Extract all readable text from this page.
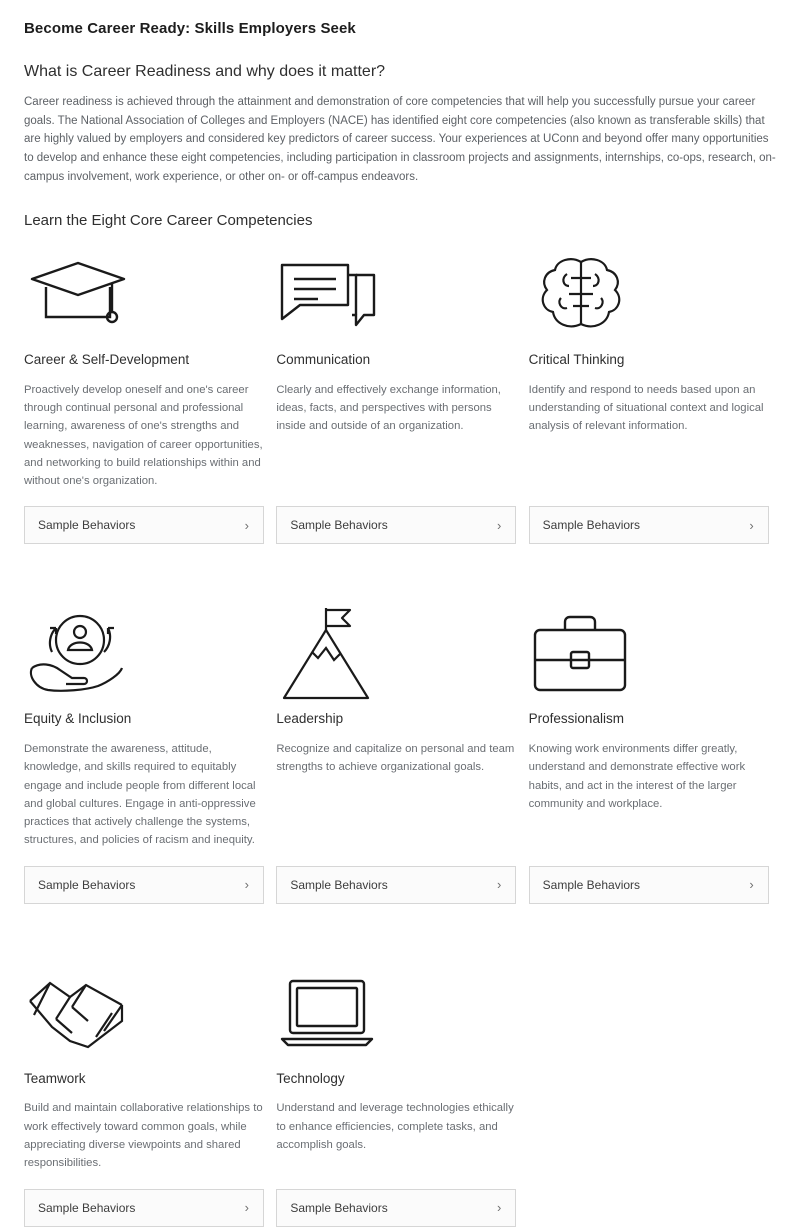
Become Career Ready: Skills Employers Seek
What is Career Readiness and why does it matter?

Career readiness is achieved through the attainment and demonstration of core competencies that will help you successfully pursue your career goals. The National Association of Colleges and Employers (NACE) has identified eight core competencies (also known as transferable skills) that are highly valued by employers and considered key predictors of career success. Your experiences at UConn and beyond offer many opportunities to develop and enhance these eight competencies, including participation in classroom projects and assignments, internships, co-ops, research, on-campus involvement, work experience, or other on- or off-campus endeavors.

Learn the Eight Core Career Competencies
Career & Self-Development
Proactively develop oneself and one's career through continual personal and professional learning, awareness of one's strengths and weaknesses, navigation of career opportunities, and networking to build relationships within and without one's organization.
Sample Behaviors	›
Communication
Clearly and effectively exchange information, ideas, facts, and perspectives with persons inside and outside of an organization.
Sample Behaviors	›
Critical Thinking
Identify and respond to needs based upon an understanding of situational context and logical analysis of relevant information.
Sample Behaviors	›
Equity & Inclusion
Demonstrate the awareness, attitude, knowledge, and skills required to equitably engage and include people from different local and global cultures. Engage in anti-oppressive practices that actively challenge the systems, structures, and policies of racism and inequity.
Sample Behaviors	›
Leadership
Recognize and capitalize on personal and team strengths to achieve organizational goals.
Sample Behaviors	›
Professionalism
Knowing work environments differ greatly, understand and demonstrate effective work habits, and act in the interest of the larger community and workplace.
Sample Behaviors	›
Teamwork
Build and maintain collaborative relationships to work effectively toward common goals, while appreciating diverse viewpoints and shared responsibilities.
Sample Behaviors	›
Technology
Understand and leverage technologies ethically to enhance efficiencies, complete tasks, and accomplish goals.
Sample Behaviors	›
